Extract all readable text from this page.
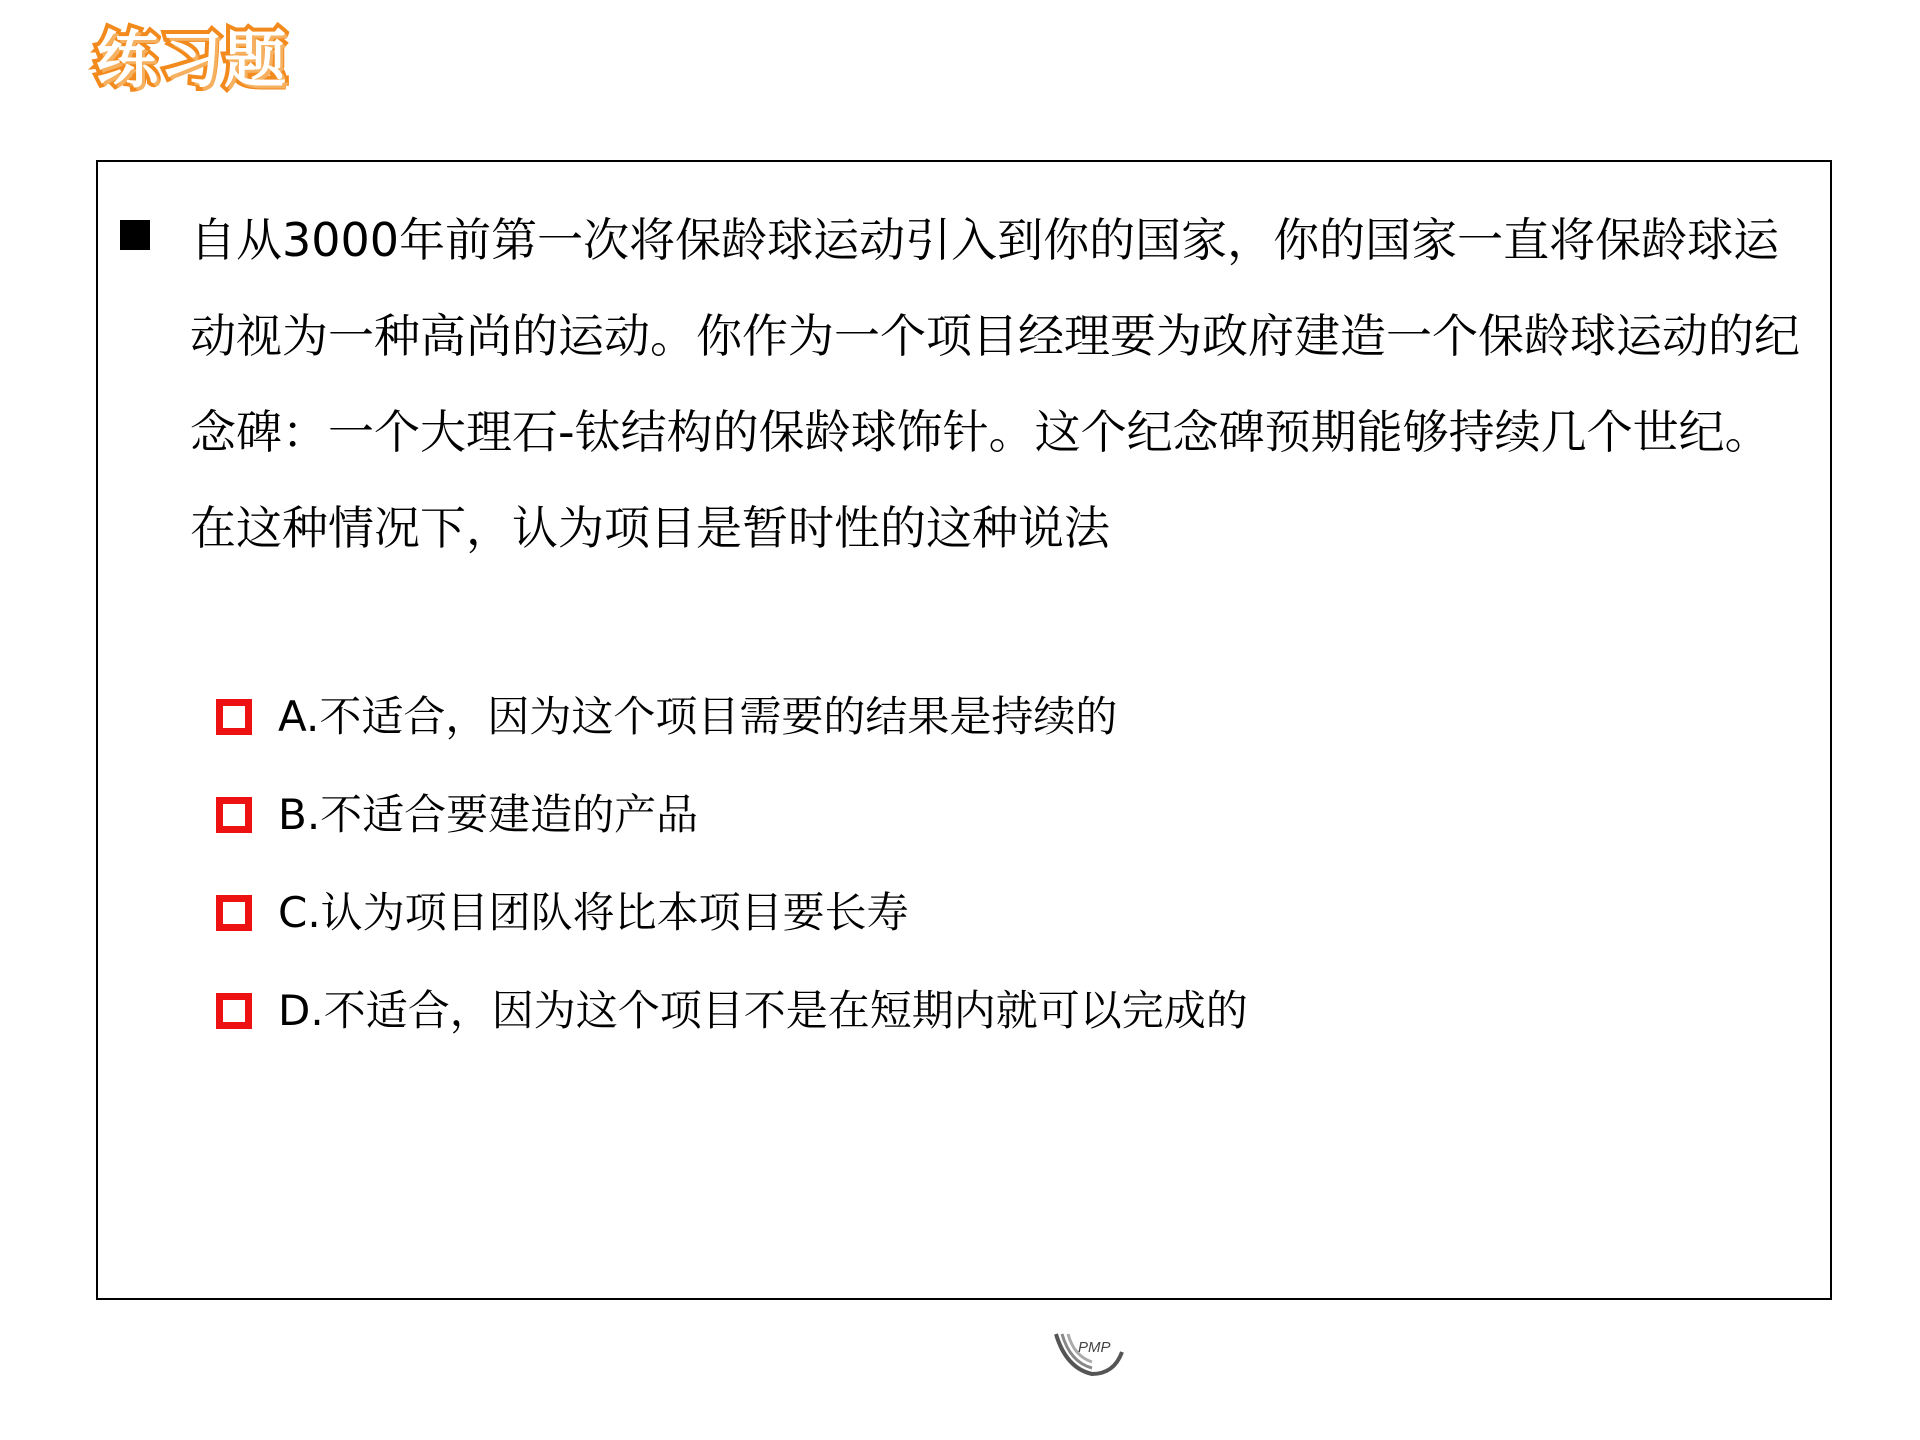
练习题
自从3000年前第一次将保龄球运动引入到你的国家，你的国家一直将保龄球运动视为一种高尚的运动。你作为一个项目经理要为政府建造一个保龄球运动的纪念碑：一个大理石-钛结构的保龄球饰针。这个纪念碑预期能够持续几个世纪。在这种情况下，认为项目是暂时性的这种说法
A.不适合，因为这个项目需要的结果是持续的
B.不适合要建造的产品
C.认为项目团队将比本项目要长寿
D.不适合，因为这个项目不是在短期内就可以完成的
PMP
